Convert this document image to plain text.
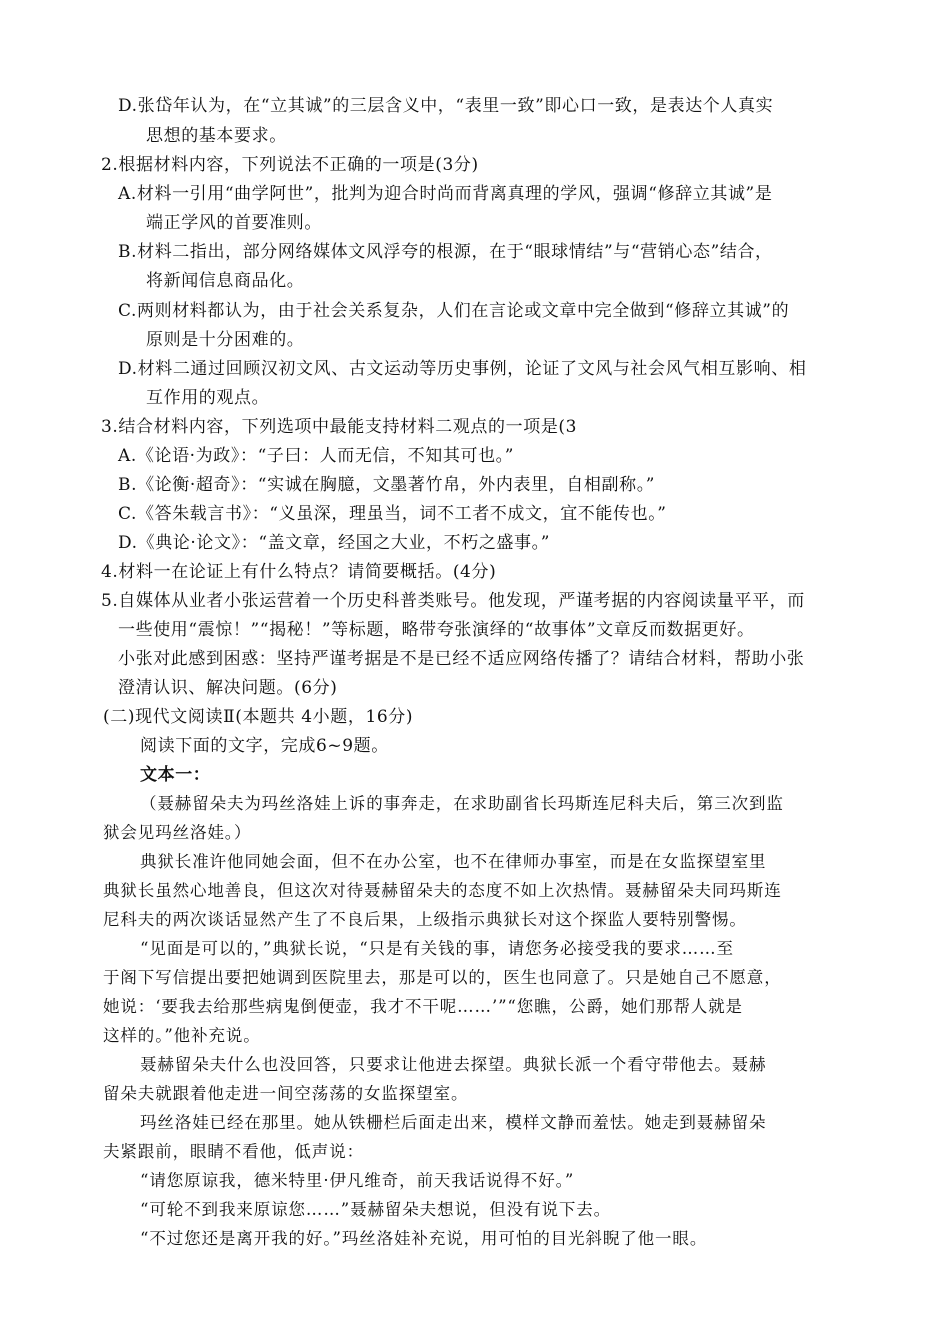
D.张岱年认为，在“立其诚”的三层含义中，“表里一致”即心口一致，是表达个人真实
思想的基本要求。
2.根据材料内容，下列说法不正确的一项是(3分)
A.材料一引用“曲学阿世”，批判为迎合时尚而背离真理的学风，强调“修辞立其诚”是
端正学风的首要准则。
B.材料二指出，部分网络媒体文风浮夸的根源，在于“眼球情结”与“营销心态”结合，
将新闻信息商品化。
C.两则材料都认为，由于社会关系复杂，人们在言论或文章中完全做到“修辞立其诚”的
原则是十分困难的。
D.材料二通过回顾汉初文风、古文运动等历史事例，论证了文风与社会风气相互影响、相
互作用的观点。
3.结合材料内容，下列选项中最能支持材料二观点的一项是(3
A.《论语·为政》：“子曰：人而无信，不知其可也。”
B.《论衡·超奇》：“实诚在胸臆，文墨著竹帛，外内表里，自相副称。”
C.《答朱载言书》：“义虽深，理虽当，词不工者不成文，宜不能传也。”
D.《典论·论文》：“盖文章，经国之大业，不朽之盛事。”
4.材料一在论证上有什么特点？请简要概括。(4分)
5.自媒体从业者小张运营着一个历史科普类账号。他发现，严谨考据的内容阅读量平平，而
一些使用“震惊！”“揭秘！”等标题，略带夸张演绎的“故事体”文章反而数据更好。
小张对此感到困惑：坚持严谨考据是不是已经不适应网络传播了？请结合材料，帮助小张
澄清认识、解决问题。(6分)
(二)现代文阅读Ⅱ(本题共 4小题，16分)
阅读下面的文字，完成6~9题。
文本一：
（聂赫留朵夫为玛丝洛娃上诉的事奔走，在求助副省长玛斯连尼科夫后，第三次到监
狱会见玛丝洛娃。）
典狱长准许他同她会面，但不在办公室，也不在律师办事室，而是在女监探望室里
典狱长虽然心地善良，但这次对待聂赫留朵夫的态度不如上次热情。聂赫留朵夫同玛斯连
尼科夫的两次谈话显然产生了不良后果，上级指示典狱长对这个探监人要特别警惕。
“见面是可以的，”典狱长说，“只是有关钱的事，请您务必接受我的要求……至
于阁下写信提出要把她调到医院里去，那是可以的，医生也同意了。只是她自己不愿意，
她说：‘要我去给那些病鬼倒便壶，我才不干呢……’”“您瞧，公爵，她们那帮人就是
这样的。”他补充说。
聂赫留朵夫什么也没回答，只要求让他进去探望。典狱长派一个看守带他去。聂赫
留朵夫就跟着他走进一间空荡荡的女监探望室。
玛丝洛娃已经在那里。她从铁栅栏后面走出来，模样文静而羞怯。她走到聂赫留朵
夫紧跟前，眼睛不看他，低声说：
“请您原谅我，德米特里·伊凡维奇，前天我话说得不好。”
“可轮不到我来原谅您……”聂赫留朵夫想说，但没有说下去。
“不过您还是离开我的好。”玛丝洛娃补充说，用可怕的目光斜睨了他一眼。
